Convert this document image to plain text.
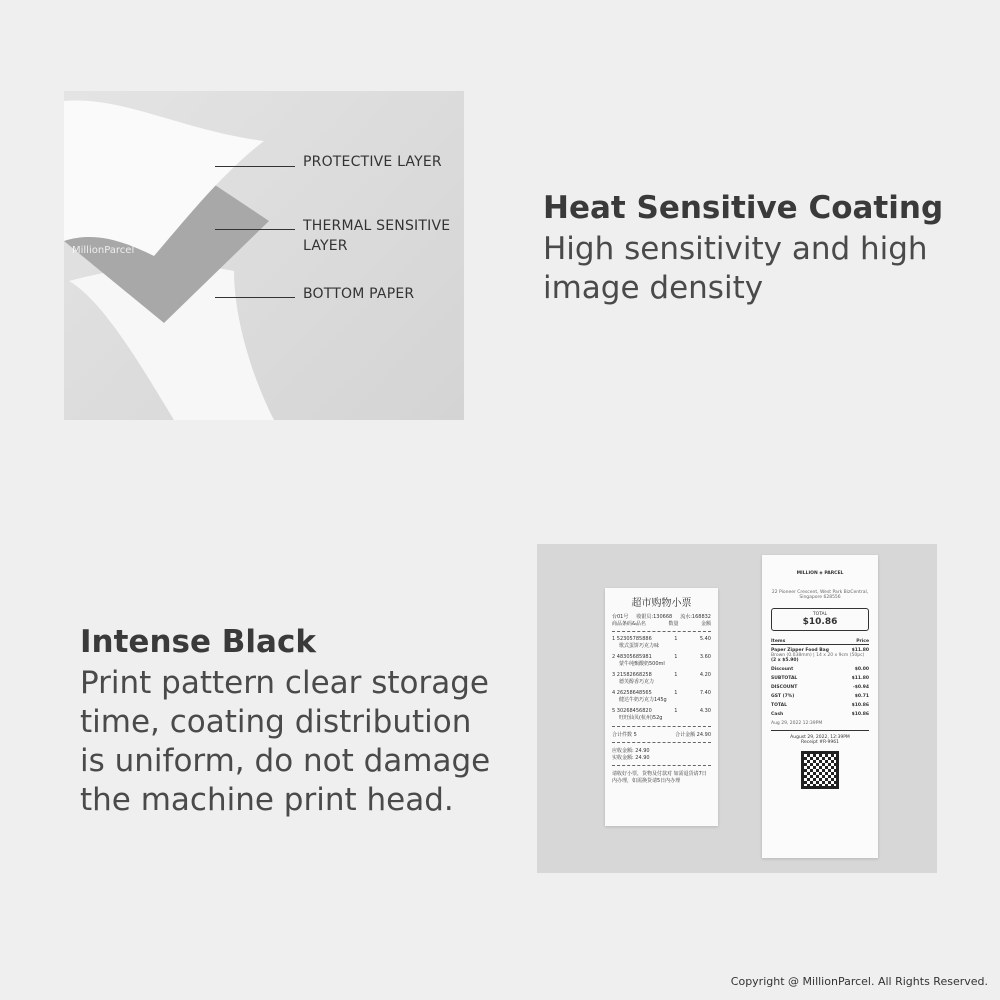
MillionParcel
PROTECTIVE LAYER
THERMAL SENSITIVE
LAYER
BOTTOM PAPER
Heat Sensitive Coating
High sensitivity and high
image density
Intense Black
Print pattern clear storage
time, coating distribution
is uniform, do not damage
the machine print head.
超市购物小票
台01号 收银员:130668 流水:168832
商品条码&品名	数量	金额
1 52305785886	1	5.40
歌式蛋饼巧克力味
2 48305685981	1	3.60
蒙牛纯甄酸奶500ml
3 21582668258	1	4.20
德芙醇香巧克力
4 26258648565	1	7.40
健达牛奶巧克力145g
5 30268456820	1	4.30
旺旺仙贝(杭州)52g
合计件数 5	合计金额 24.90
应收金额: 24.90
实收金额: 24.90
请收好小票，货物及付款对 如需退货请7日内办理，如需换货请5日内办理
MILLION ◈ PARCEL
22 Pioneer Crescent, West Park BizCentral, Singapore 628556
TOTAL
$10.86
Items	Price
Paper Zipper Food Bag	$11.80
Brown (0.038mm) | 14 x 20 x 9cm (50pc)
(2 x $5.90)
Discount	$0.00
SUBTOTAL	$11.80
DISCOUNT	-$0.94
GST (7%)	$0.71
TOTAL	$10.86
Cash	$10.86
Aug 29, 2022 12:39PM
August 29, 2022, 12:39PM
Receipt #R-9961
Copyright @ MillionParcel. All Rights Reserved.
